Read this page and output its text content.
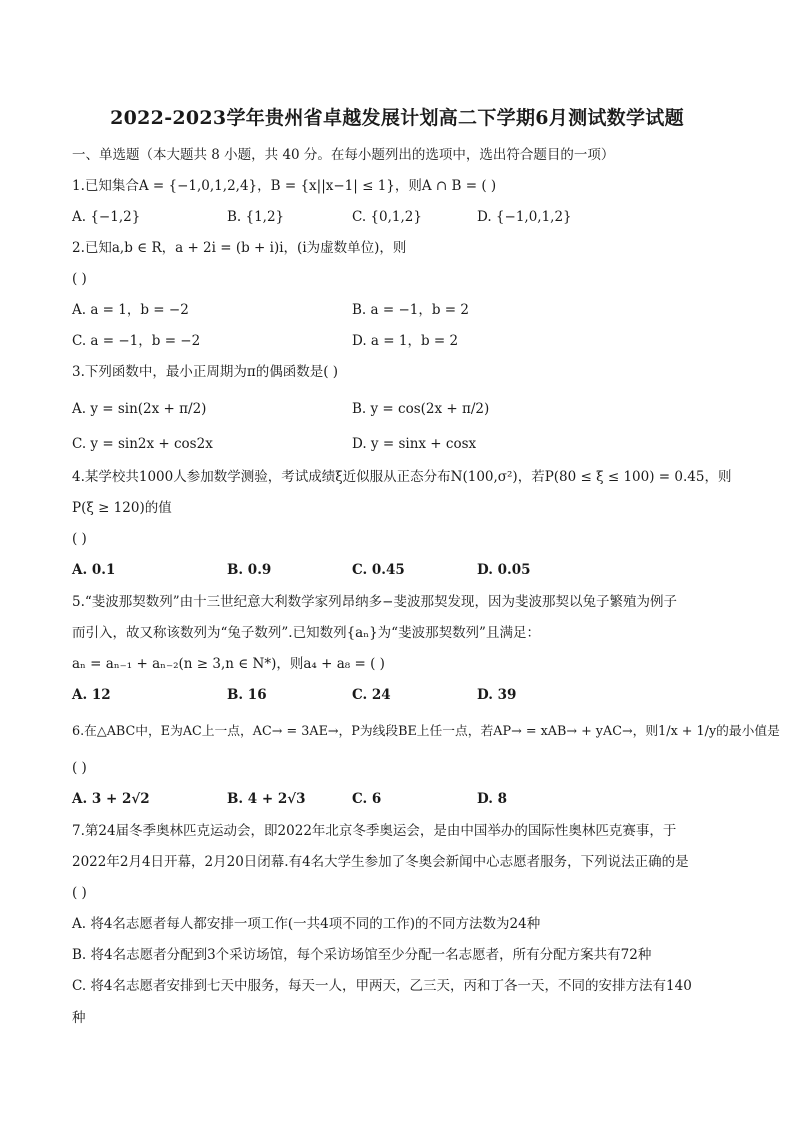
2022-2023学年贵州省卓越发展计划高二下学期6月测试数学试题
一、单选题（本大题共 8 小题，共 40 分。在每小题列出的选项中，选出符合题目的一项）
1.已知集合A = {−1,0,1,2,4}，B = {x||x−1| ≤ 1}，则A ∩ B = ( )
A. {−1,2}	B. {1,2}	C. {0,1,2}	D. {−1,0,1,2}
2.已知a,b ∈ R，a + 2i = (b + i)i，(i为虚数单位)，则
( )
A. a = 1，b = −2	B. a = −1，b = 2
C. a = −1，b = −2	D. a = 1，b = 2
3.下列函数中，最小正周期为π的偶函数是( )
A. y = sin(2x + π/2)	B. y = cos(2x + π/2)
C. y = sin2x + cos2x	D. y = sinx + cosx
4.某学校共1000人参加数学测验，考试成绩ξ近似服从正态分布N(100,σ²)，若P(80 ≤ ξ ≤ 100) = 0.45，则
P(ξ ≥ 120)的值
( )
A. 0.1	B. 0.9	C. 0.45	D. 0.05
5.“斐波那契数列”由十三世纪意大利数学家列昂纳多−斐波那契发现，因为斐波那契以兔子繁殖为例子
而引入，故又称该数列为“兔子数列”.已知数列{aₙ}为“斐波那契数列”且满足：
aₙ = aₙ₋₁ + aₙ₋₂(n ≥ 3,n ∈ N*)，则a₄ + a₈ = ( )
A. 12	B. 16	C. 24	D. 39
6.在△ABC中，E为AC上一点，AC→ = 3AE→，P为线段BE上任一点，若AP→ = xAB→ + yAC→，则1/x + 1/y的最小值是
( )
A. 3 + 2√2	B. 4 + 2√3	C. 6	D. 8
7.第24届冬季奥林匹克运动会，即2022年北京冬季奥运会，是由中国举办的国际性奥林匹克赛事，于
2022年2月4日开幕，2月20日闭幕.有4名大学生参加了冬奥会新闻中心志愿者服务，下列说法正确的是
( )
A. 将4名志愿者每人都安排一项工作(一共4项不同的工作)的不同方法数为24种
B. 将4名志愿者分配到3个采访场馆，每个采访场馆至少分配一名志愿者，所有分配方案共有72种
C. 将4名志愿者安排到七天中服务，每天一人，甲两天，乙三天，丙和丁各一天，不同的安排方法有140
种
